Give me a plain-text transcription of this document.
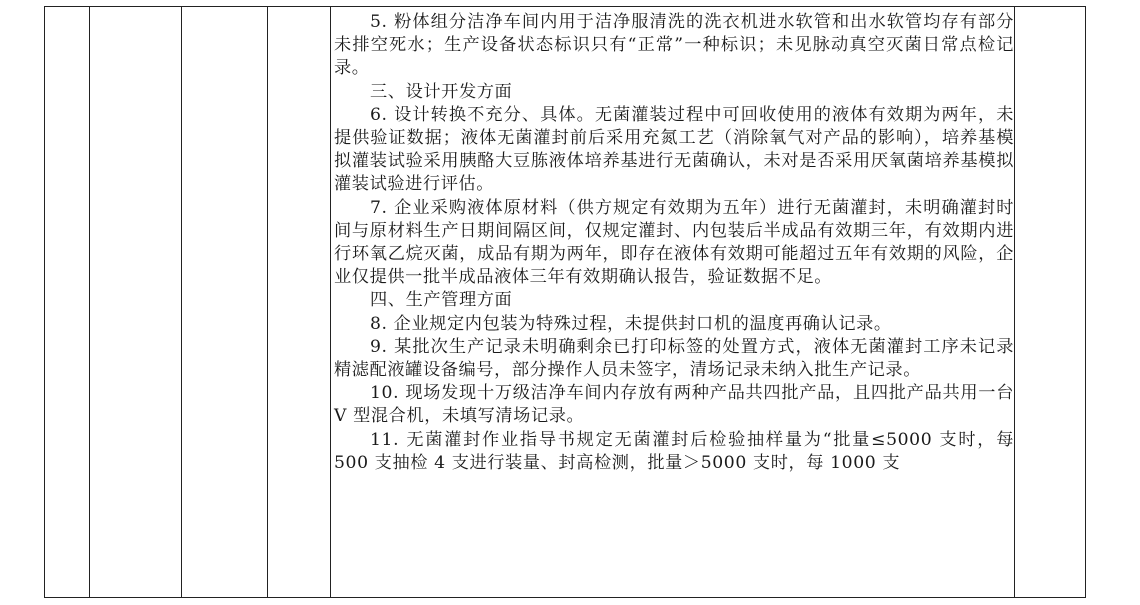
5. 粉体组分洁净车间内用于洁净服清洗的洗衣机进水软管和出水软管均存有部分未排空死水；生产设备状态标识只有“正常”一种标识；未见脉动真空灭菌日常点检记录。

三、设计开发方面

6. 设计转换不充分、具体。无菌灌装过程中可回收使用的液体有效期为两年，未提供验证数据；液体无菌灌封前后采用充氮工艺（消除氧气对产品的影响），培养基模拟灌装试验采用胰酪大豆胨液体培养基进行无菌确认，未对是否采用厌氧菌培养基模拟灌装试验进行评估。

7. 企业采购液体原材料（供方规定有效期为五年）进行无菌灌封，未明确灌封时间与原材料生产日期间隔区间，仅规定灌封、内包装后半成品有效期三年，有效期内进行环氧乙烷灭菌，成品有期为两年，即存在液体有效期可能超过五年有效期的风险，企业仅提供一批半成品液体三年有效期确认报告，验证数据不足。

四、生产管理方面

8. 企业规定内包装为特殊过程，未提供封口机的温度再确认记录。

9. 某批次生产记录未明确剩余已打印标签的处置方式，液体无菌灌封工序未记录精滤配液罐设备编号，部分操作人员未签字，清场记录未纳入批生产记录。

10. 现场发现十万级洁净车间内存放有两种产品共四批产品，且四批产品共用一台 V 型混合机，未填写清场记录。

11. 无菌灌封作业指导书规定无菌灌封后检验抽样量为“批量≤5000 支时，每 500 支抽检 4 支进行装量、封高检测，批量＞5000 支时，每 1000 支
